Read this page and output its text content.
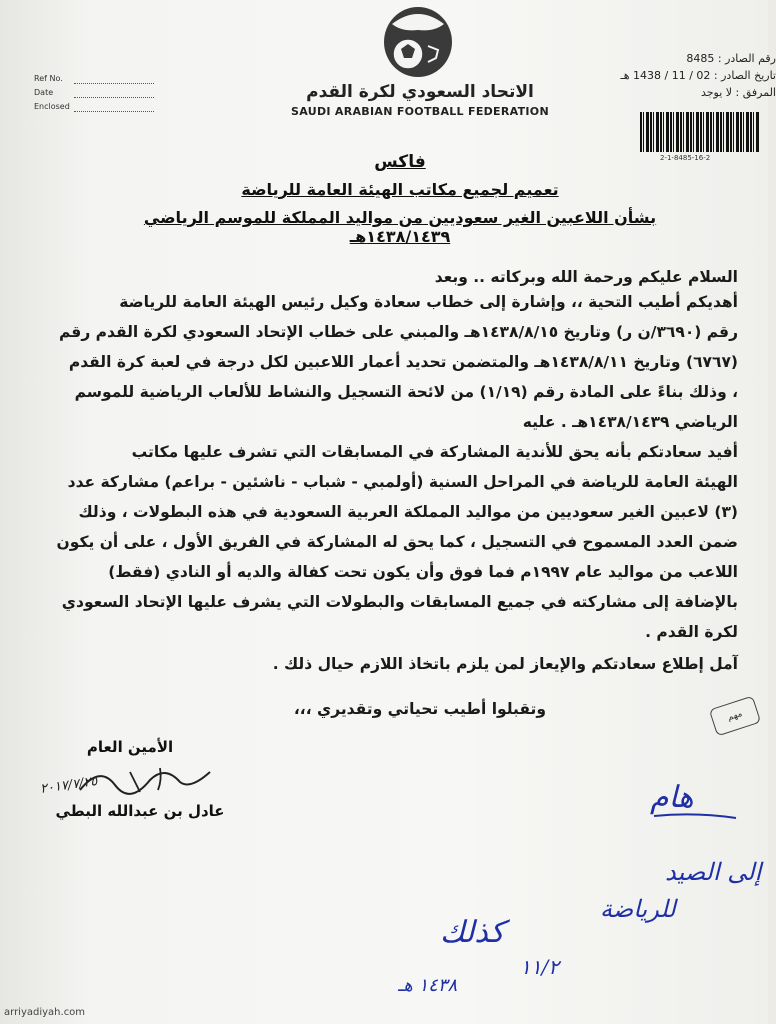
Ref No.
Date
Enclosed
الاتحاد السعودي لكرة القدم
SAUDI ARABIAN FOOTBALL FEDERATION
رقم الصادر : 8485
تاريخ الصادر : 02 / 11 / 1438 هـ
المرفق : لا يوجد
2-1-8485-16-2
فاكس
تعميم لجميع مكاتب الهيئة العامة للرياضة
بشأن اللاعبين الغير سعوديين من مواليد المملكة للموسم الرياضي ١٤٣٨/١٤٣٩هـ
السلام عليكم ورحمة الله وبركاته .. وبعد
أهديكم أطيب التحية ،، وإشارة إلى خطاب سعادة وكيل رئيس الهيئة العامة للرياضة
رقم (٣٦٩٠/ن ر) وتاريخ ١٤٣٨/٨/١٥هـ والمبني على خطاب الإتحاد السعودي لكرة القدم رقم
(٦٧٦٧) وتاريخ ١٤٣٨/٨/١١هـ والمتضمن تحديد أعمار اللاعبين لكل درجة في لعبة كرة القدم
، وذلك بناءً على المادة رقم (١/١٩) من لائحة التسجيل والنشاط للألعاب الرياضية للموسم
الرياضي ١٤٣٨/١٤٣٩هـ . عليه
أفيد سعادتكم بأنه يحق للأندية المشاركة في المسابقات التي تشرف عليها مكاتب
الهيئة العامة للرياضة في المراحل السنية (أولمبي - شباب - ناشئين - براعم) مشاركة عدد
(٣) لاعبين الغير سعوديين من مواليد المملكة العربية السعودية في هذه البطولات ، وذلك
ضمن العدد المسموح في التسجيل ، كما يحق له المشاركة في الفريق الأول ، على أن يكون
اللاعب من مواليد عام ١٩٩٧م فما فوق وأن يكون تحت كفالة والديه أو النادي (فقط)
بالإضافة إلى مشاركته في جميع المسابقات والبطولات التي يشرف عليها الإتحاد السعودي
لكرة القدم .
آمل إطلاع سعادتكم والإيعاز لمن يلزم باتخاذ اللازم حيال ذلك .
وتقبلوا أطيب تحياتي وتقديري ،،،	مهم
الأمين العام
٢٠١٧/٧/٢٥
عادل بن عبدالله البطي	هام
إلى الصيد
للرياضة
كذلك
١١/٢
١٤٣٨ هـ
arriyadiyah.com
